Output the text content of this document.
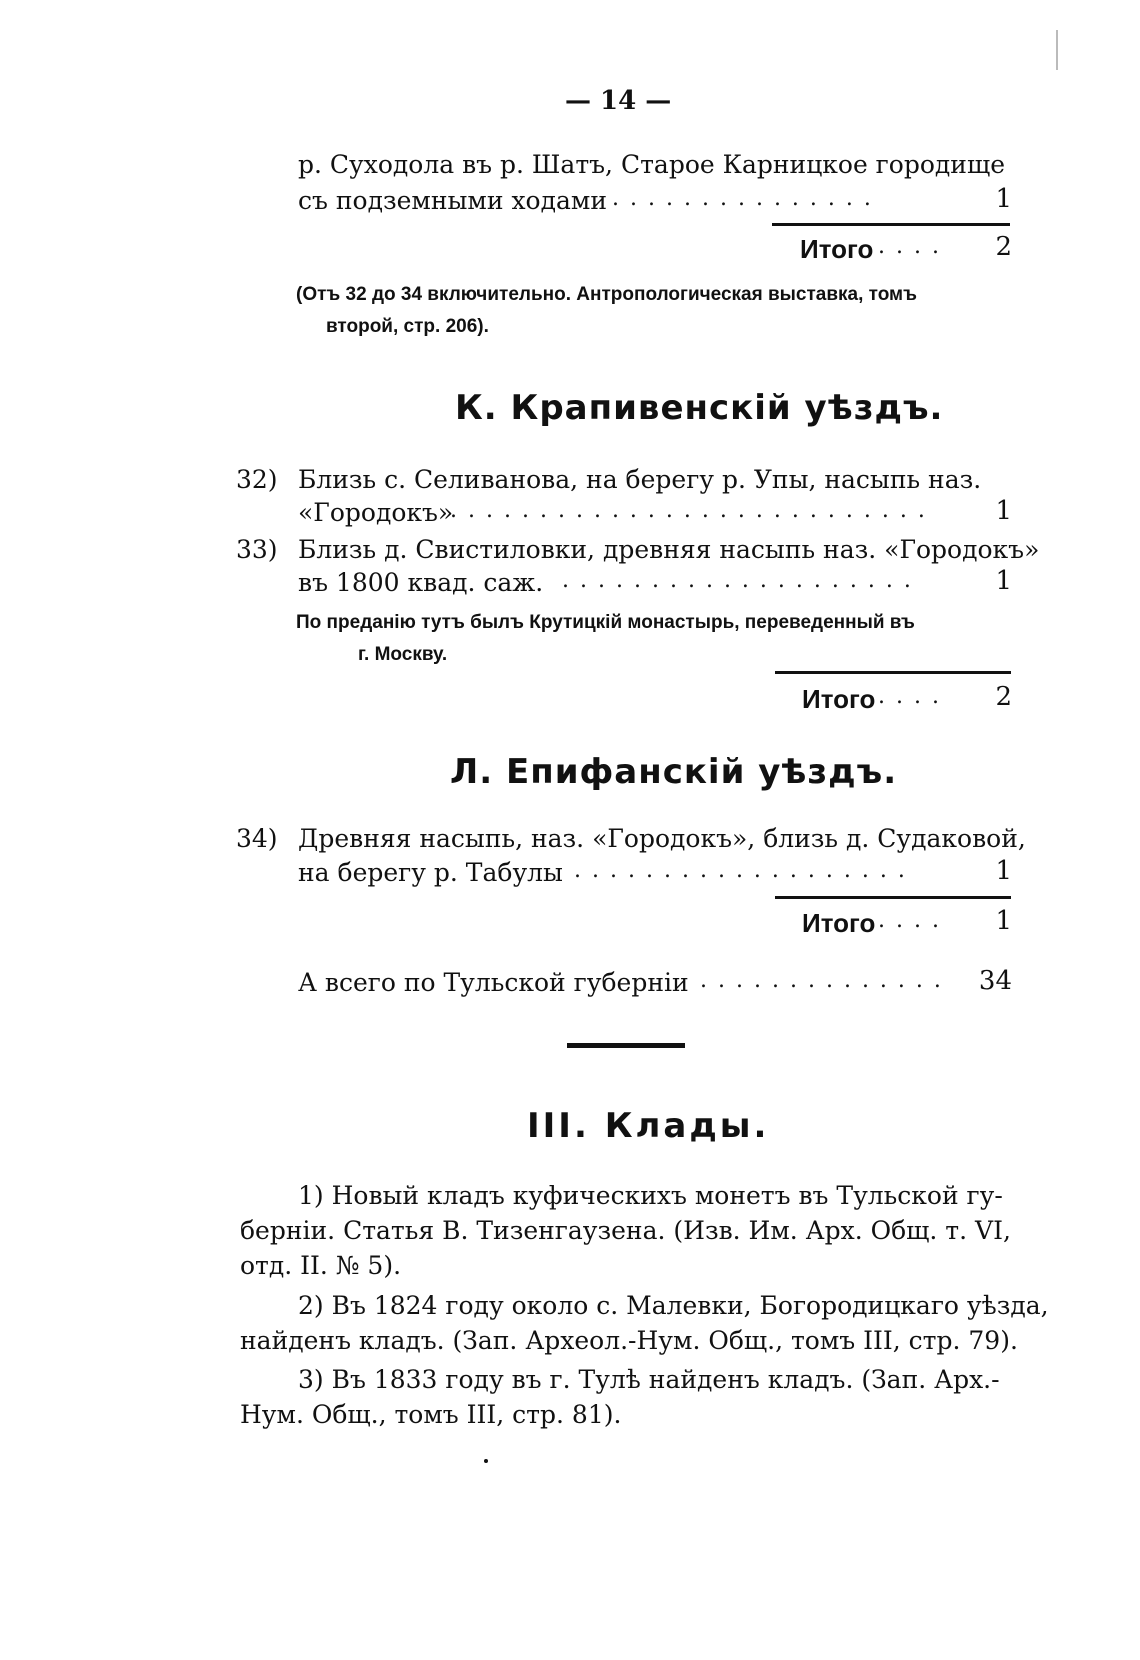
— 14 —
р. Суходола въ р. Шатъ, Старое Карницкое городище
съ подземными ходами ...............	1
Итого ....	2
(Отъ 32 до 34 включительно. Антропологическая выставка, томъ
второй, стр. 206).
К. Крапивенскій уѣздъ.
32) Близь с. Селиванова, на берегу р. Упы, насыпь наз.
«Городокъ»
...........................	1
33) Близь д. Свистиловки, древняя насыпь наз. «Городокъ»
въ 1800 квад. саж. ....................	1
По преданію тутъ былъ Крутицкій монастырь, переведенный въ
г. Москву.
Итого ....	2
Л. Епифанскій уѣздъ.
34) Древняя насыпь, наз. «Городокъ», близь д. Судаковой,
на берегу р. Табулы ...................	1
Итого ....	1
А всего по Тульской губерніи .............. 34
III. Клады.
1) Новый кладъ куфическихъ монетъ въ Тульской гу-
берніи. Статья В. Тизенгаузена. (Изв. Им. Арх. Общ. т. VI,
отд. II. № 5).
2) Въ 1824 году около с. Малевки, Богородицкаго уѣзда,
найденъ кладъ. (Зап. Археол.-Нум. Общ., томъ III, стр. 79).
3) Въ 1833 году въ г. Тулѣ найденъ кладъ. (Зап. Арх.-
Нум. Общ., томъ III, стр. 81).
